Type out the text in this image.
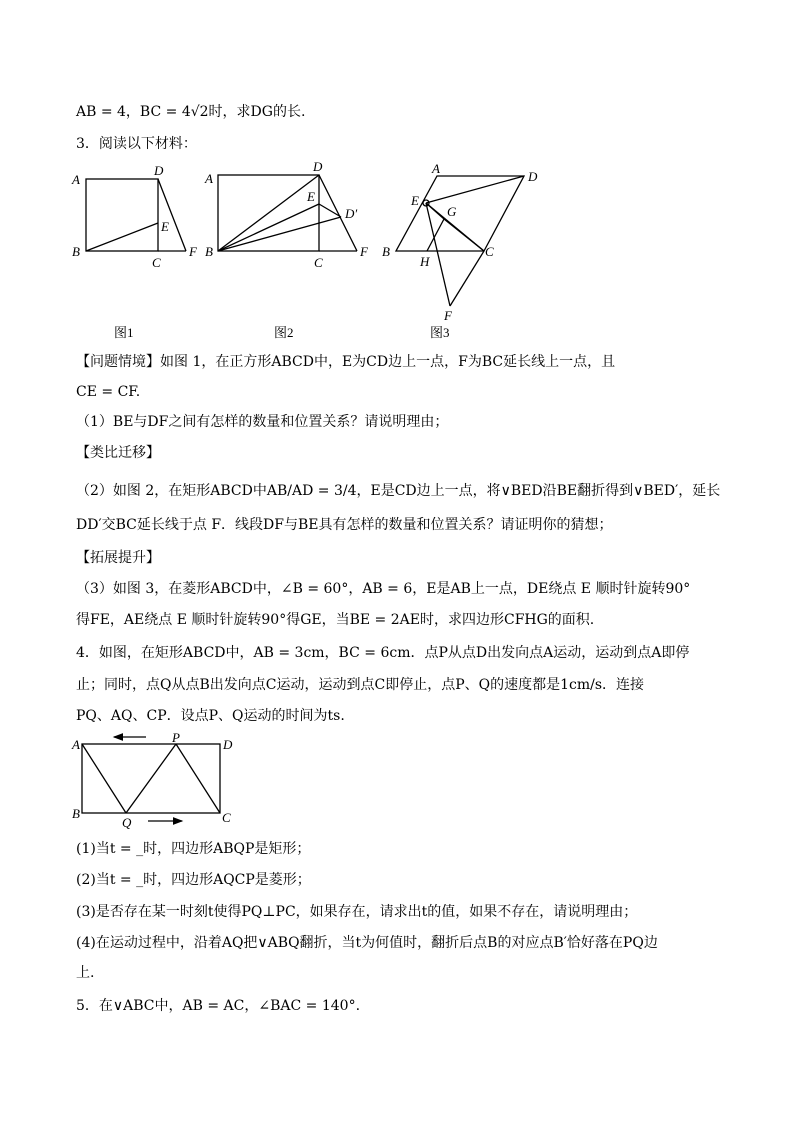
AB = 4，BC = 4√2时，求DG的长.
3．阅读以下材料：
A
D
B
C
E
F
图1
A
D
E
D′
B
C
F
图2
A
D
E
G
B
H
C
F
图3
【问题情境】如图 1，在正方形ABCD中，E为CD边上一点，F为BC延长线上一点，且
CE = CF.
（1）BE与DF之间有怎样的数量和位置关系？请说明理由；
【类比迁移】
（2）如图 2，在矩形ABCD中AB/AD = 3/4，E是CD边上一点，将∨BED沿BE翻折得到∨BED′，延长
DD′交BC延长线于点 F．线段DF与BE具有怎样的数量和位置关系？请证明你的猜想；
【拓展提升】
（3）如图 3，在菱形ABCD中，∠B = 60°，AB = 6，E是AB上一点，DE绕点 E 顺时针旋转90°
得FE，AE绕点 E 顺时针旋转90°得GE，当BE = 2AE时，求四边形CFHG的面积.
4．如图，在矩形ABCD中，AB = 3cm，BC = 6cm．点P从点D出发向点A运动，运动到点A即停
止；同时，点Q从点B出发向点C运动，运动到点C即停止，点P、Q的速度都是1cm/s．连接
PQ、AQ、CP．设点P、Q运动的时间为ts.
A	P	D
B
Q	C
(1)当t = _时，四边形ABQP是矩形；
(2)当t = _时，四边形AQCP是菱形；
(3)是否存在某一时刻t使得PQ⊥PC，如果存在，请求出t的值，如果不存在，请说明理由；
(4)在运动过程中，沿着AQ把∨ABQ翻折，当t为何值时，翻折后点B的对应点B′恰好落在PQ边
上.
5．在∨ABC中，AB = AC，∠BAC = 140°.
